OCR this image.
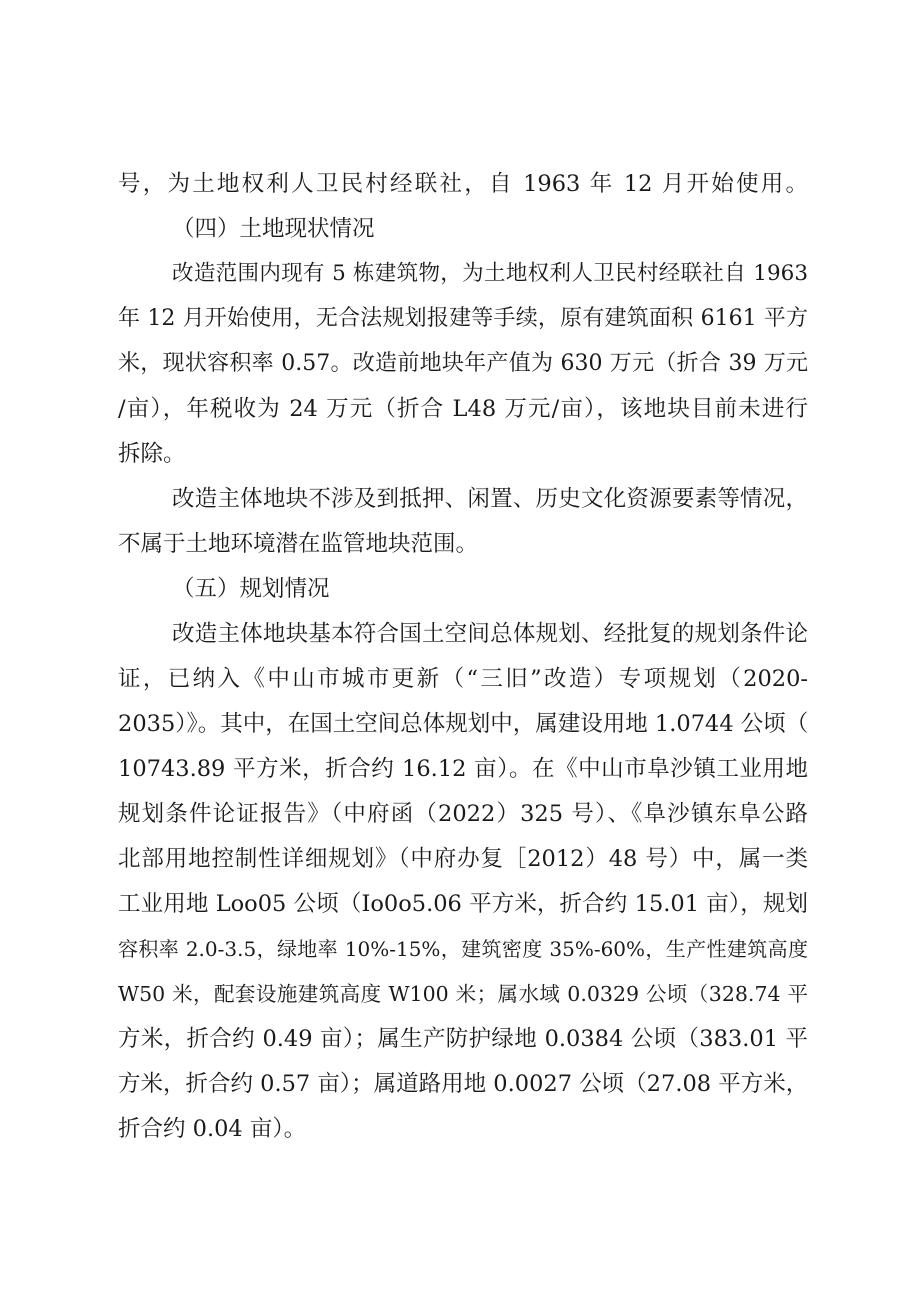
号，为土地权利人卫民村经联社，自 1963 年 12 月开始使用。
（四）土地现状情况
改造范围内现有 5 栋建筑物，为土地权利人卫民村经联社自 1963
年 12 月开始使用，无合法规划报建等手续，原有建筑面积 6161 平方
米，现状容积率 0.57。改造前地块年产值为 630 万元（折合 39 万元
/亩），年税收为 24 万元（折合 L48 万元/亩），该地块目前未进行
拆除。
改造主体地块不涉及到抵押、闲置、历史文化资源要素等情况，
不属于土地环境潜在监管地块范围。
（五）规划情况
改造主体地块基本符合国土空间总体规划、经批复的规划条件论
证，已纳入《中山市城市更新（“三旧”改造）专项规划（2020-
2035）》。其中，在国土空间总体规划中，属建设用地 1.0744 公顷（
10743.89 平方米，折合约 16.12 亩）。在《中山市阜沙镇工业用地
规划条件论证报告》（中府函（2022）325 号）、《阜沙镇东阜公路
北部用地控制性详细规划》（中府办复［2012）48 号）中，属一类
工业用地 Loo05 公顷（Io0o5.06 平方米，折合约 15.01 亩），规划
容积率 2.0-3.5，绿地率 10%-15%，建筑密度 35%-60%，生产性建筑高度
W50 米，配套设施建筑高度 W100 米；属水域 0.0329 公顷（328.74 平
方米，折合约 0.49 亩）；属生产防护绿地 0.0384 公顷（383.01 平
方米，折合约 0.57 亩）；属道路用地 0.0027 公顷（27.08 平方米，
折合约 0.04 亩）。
